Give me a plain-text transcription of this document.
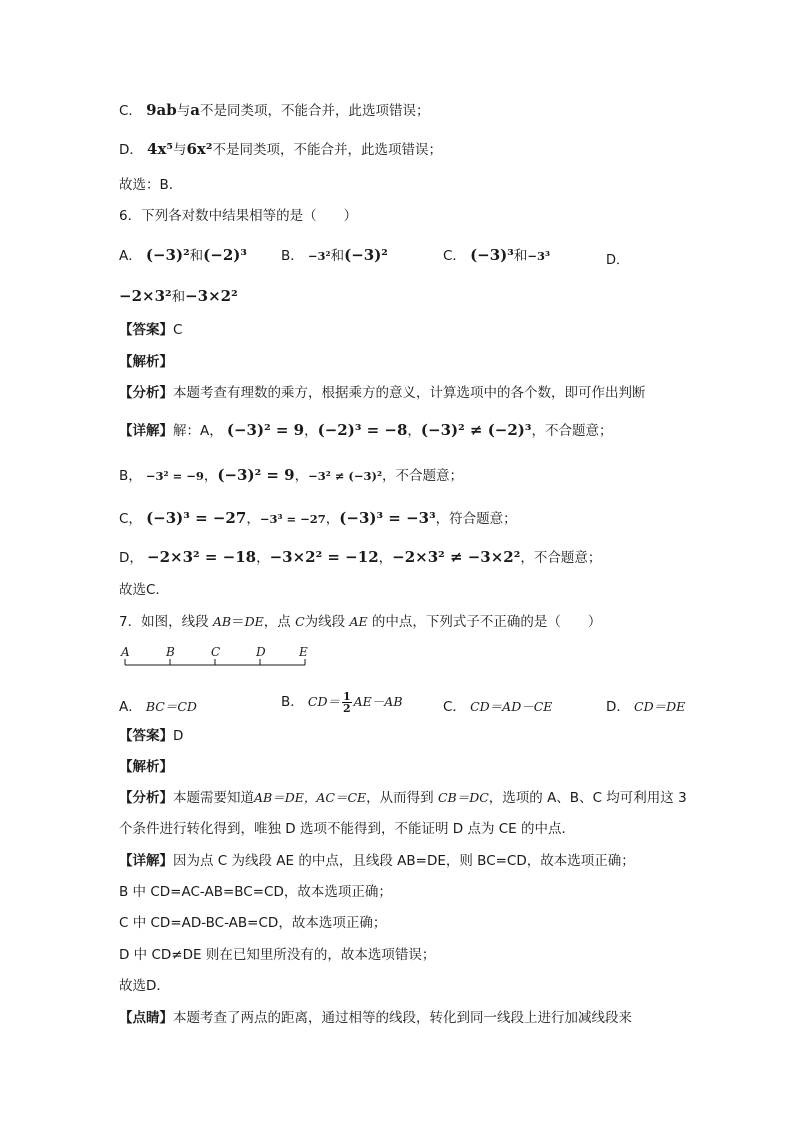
C． 9ab与a不是同类项，不能合并，此选项错误；
D． 4x⁵与6x²不是同类项，不能合并，此选项错误；
故选：B．
6．下列各对数中结果相等的是（　　）
A． (−3)²和(−2)³	B． −3²和(−3)²	C． (−3)³和−3³	D．
−2×3²和−3×2²
【答案】C
【解析】
【分析】本题考查有理数的乘方，根据乘方的意义，计算选项中的各个数，即可作出判断
【详解】解：A， (−3)² = 9，(−2)³ = −8，(−3)² ≠ (−2)³，不合题意；
B， −3² = −9，(−3)² = 9，−3² ≠ (−3)²，不合题意；
C， (−3)³ = −27，−3³ = −27，(−3)³ = −3³，符合题意；
D， −2×3² = −18，−3×2² = −12，−2×3² ≠ −3×2²，不合题意；
故选C．
7．如图，线段 AB＝DE，点 C为线段 AE 的中点，下列式子不正确的是（　　）
A	B	C	D	E
A． BC＝CD	B． $CD= \frac{1}{2} AE-AB$	C． CD＝AD－CE	D． CD＝DE
【答案】D
【解析】
【分析】本题需要知道AB＝DE，AC＝CE，从而得到 CB＝DC，选项的 A、B、C 均可利用这 3
个条件进行转化得到，唯独 D 选项不能得到，不能证明 D 点为 CE 的中点．
【详解】因为点 C 为线段 AE 的中点，且线段 AB=DE，则 BC=CD，故本选项正确；
B 中 CD=AC-AB=BC=CD，故本选项正确；
C 中 CD=AD-BC-AB=CD，故本选项正确；
D 中 CD≠DE 则在已知里所没有的，故本选项错误；
故选D．
【点睛】本题考查了两点的距离，通过相等的线段，转化到同一线段上进行加减线段来
